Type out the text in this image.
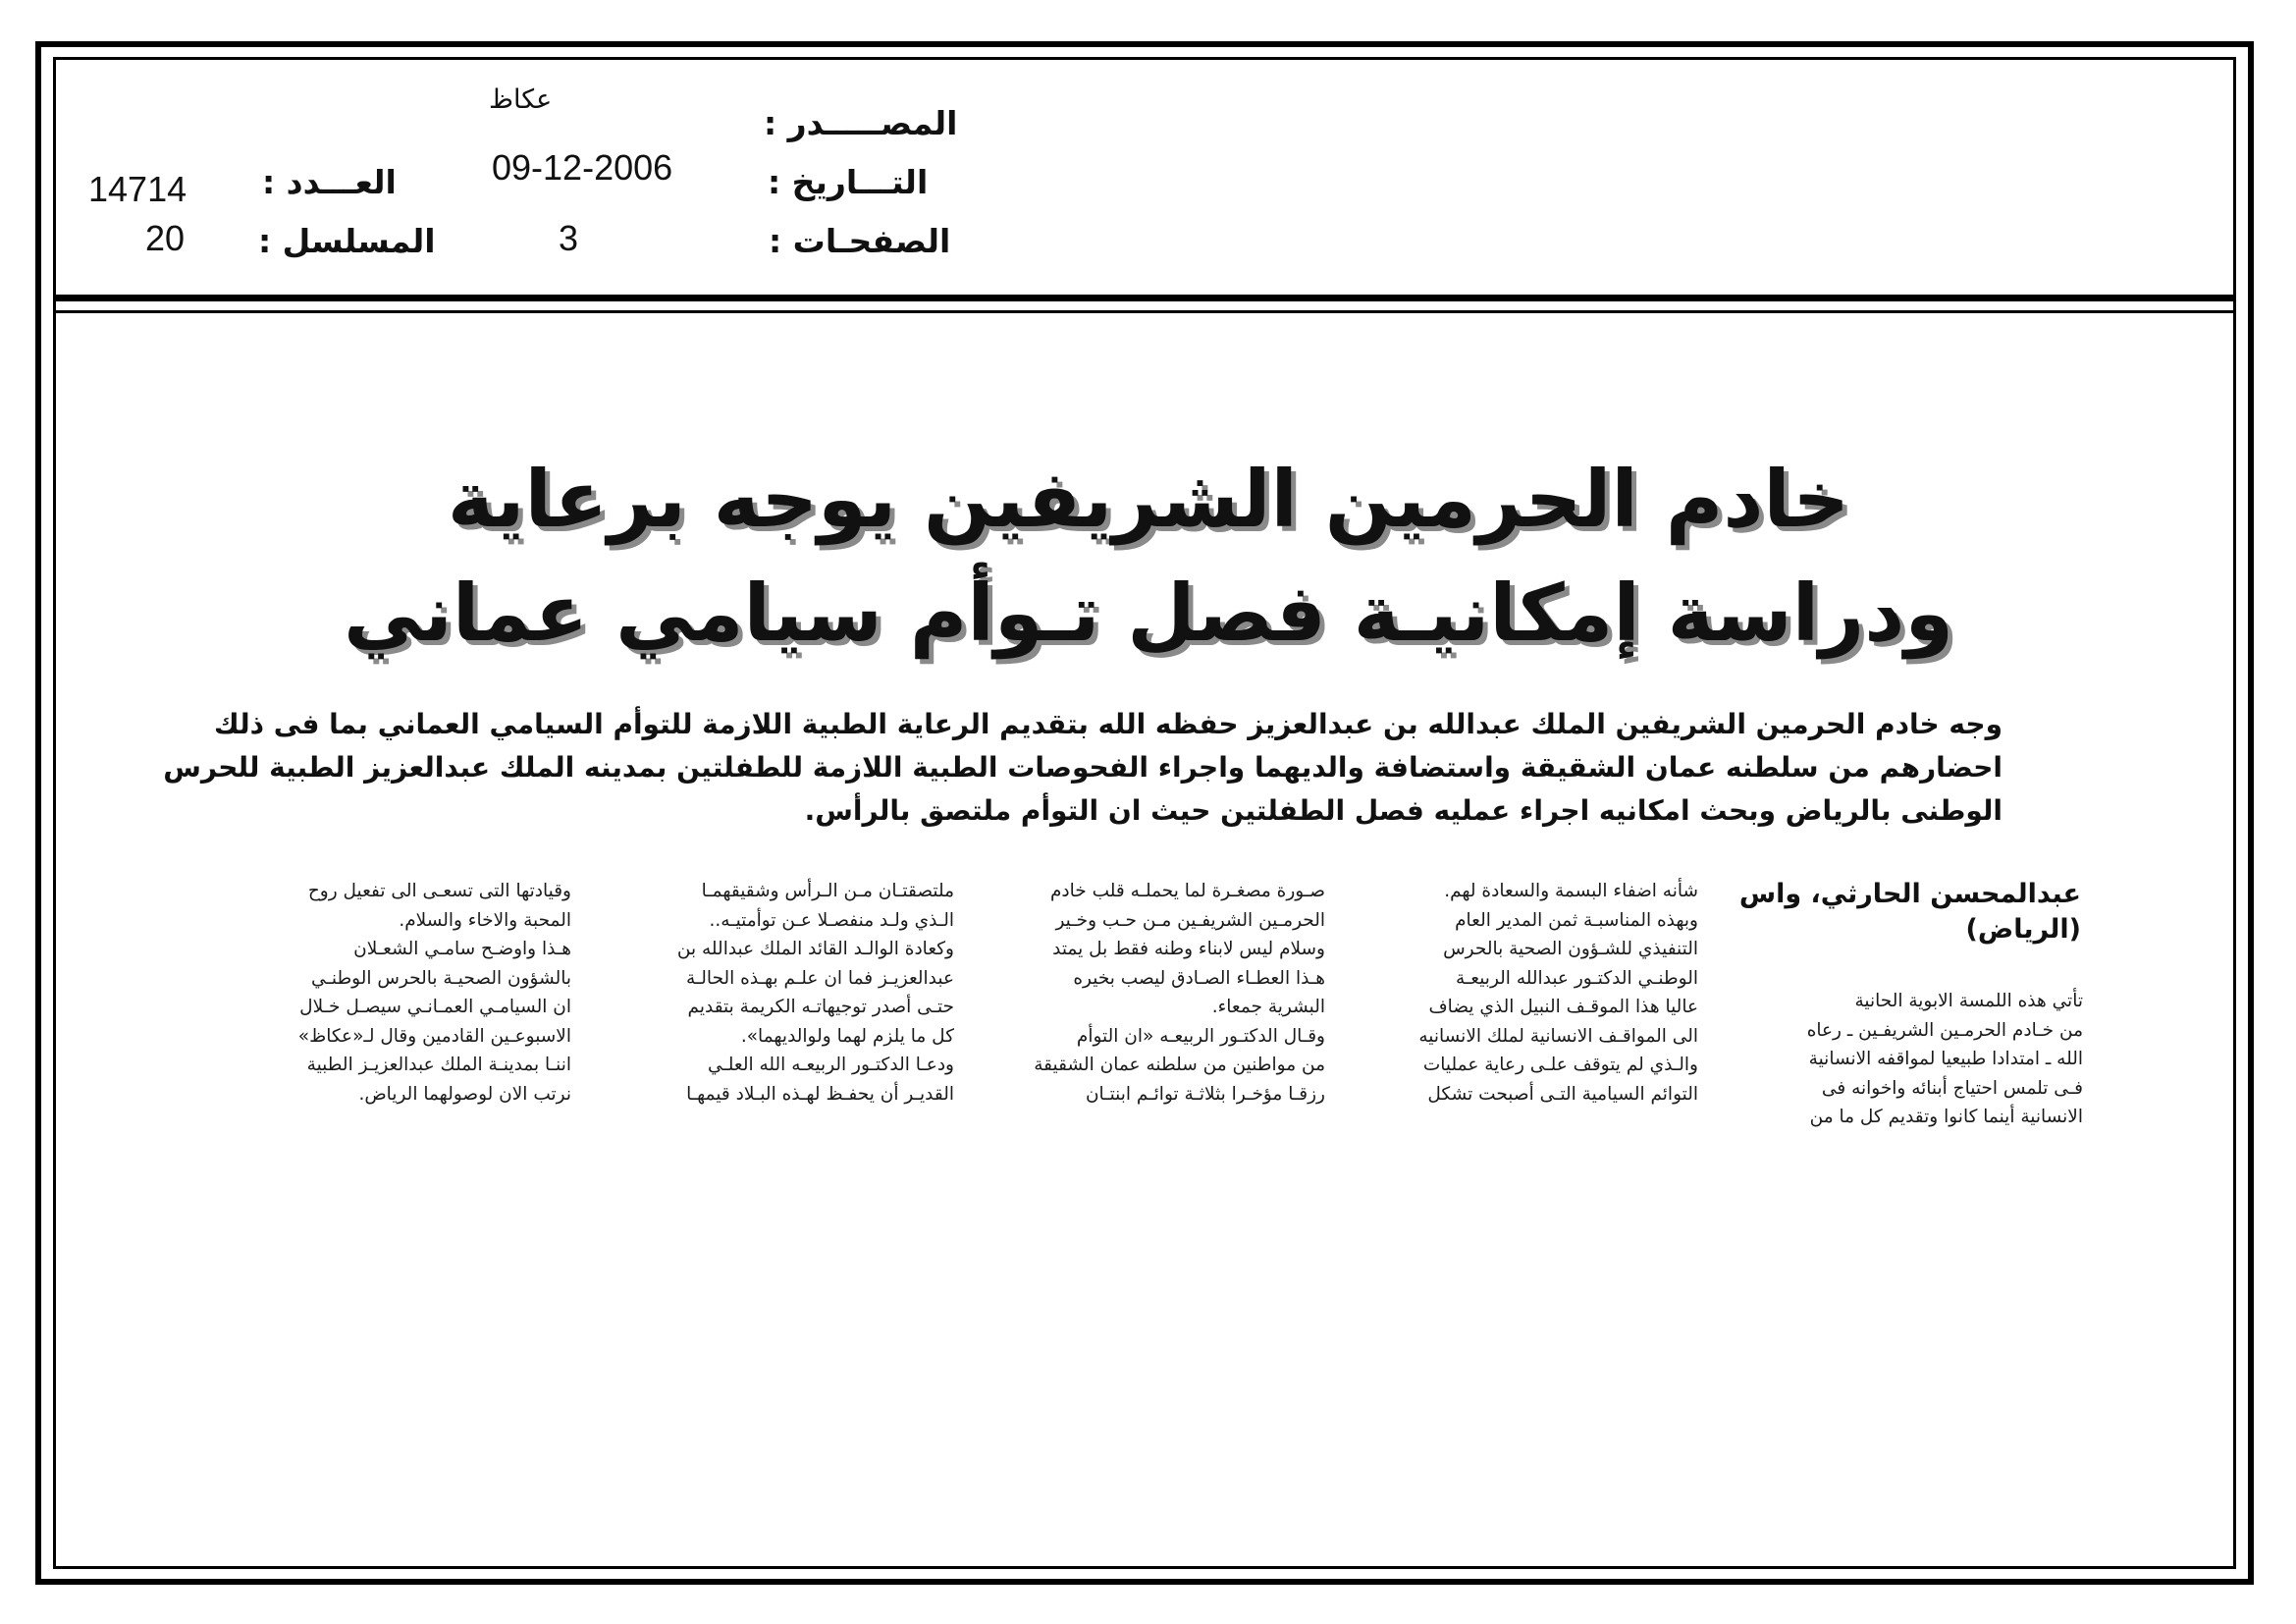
المصـــــدر :
عكاظ
التـــاريخ :
09-12-2006
الصفحـات :
3
العـــدد :
14714
المسلسل :
20
خادم الحرمين الشريفين يوجه برعاية
ودراسة إمكانيـة فصل تـوأم سيامي عماني
وجه خادم الحرمين الشريفين الملك عبدالله بن عبدالعزيز حفظه الله بتقديم الرعاية الطبية اللازمة للتوأم السيامي العماني بما فى ذلك
احضارهم من سلطنه عمان الشقيقة واستضافة والديهما واجراء الفحوصات الطبية اللازمة للطفلتين بمدينه الملك عبدالعزيز الطبية للحرس
الوطنى بالرياض وبحث امكانيه اجراء عمليه فصل الطفلتين حيث ان التوأم ملتصق بالرأس.
عبدالمحسن الحارثي، واس
(الرياض)
تأتي هذه اللمسة الابوية الحانية
من خـادم الحرمـين الشريفـين ـ رعاه
الله ـ امتدادا طبيعيا لمواقفه الانسانية
فـى تلمس احتياج أبنائه واخوانه فى
الانسانية أينما كانوا وتقديم كل ما من
شأنه اضفاء البسمة والسعادة لهم.
وبهذه المناسبـة ثمن المدير العام
التنفيذي للشـؤون الصحية بالحرس
الوطنـي الدكتـور عبدالله الربيعـة
عاليا هذا الموقـف النبيل الذي يضاف
الى المواقـف الانسانية لملك الانسانيه
والـذي لم يتوقف علـى رعاية عمليات
التوائم السيامية التـى أصبحت تشكل
صـورة مصغـرة لما يحملـه قلب خادم
الحرمـين الشريفـين مـن حـب وخـير
وسلام ليس لابناء وطنه فقط بل يمتد
هـذا العطـاء الصـادق ليصب بخيره
البشرية جمعاء.
وقـال الدكتـور الربيعـه «ان التوأم
من مواطنين من سلطنه عمان الشقيقة
رزقـا مؤخـرا بثلاثـة توائـم ابنتـان
ملتصقتـان مـن الـرأس وشقيقهمـا
الـذي ولـد منفصـلا عـن توأمتيـه..
وكعادة الوالـد القائد الملك عبدالله بن
عبدالعزيـز فما ان علـم بهـذه الحالـة
حتـى أصدر توجيهاتـه الكريمة بتقديم
كل ما يلزم لهما ولوالديهما».
ودعـا الدكتـور الربيعـه الله العلـي
القديـر أن يحفـظ لهـذه البـلاد قيمهـا
وقيادتها التى تسعـى الى تفعيل روح
المحبة والاخاء والسلام.
هـذا واوضـح سامـي الشعـلان
بالشؤون الصحيـة بالحرس الوطنـي
ان السيامـي العمـانـي سيصـل خـلال
الاسبوعـين القادمين وقال لـ«عكاظ»
اننـا بمدينـة الملك عبدالعزيـز الطبية
نرتب الان لوصولهما الرياض.
